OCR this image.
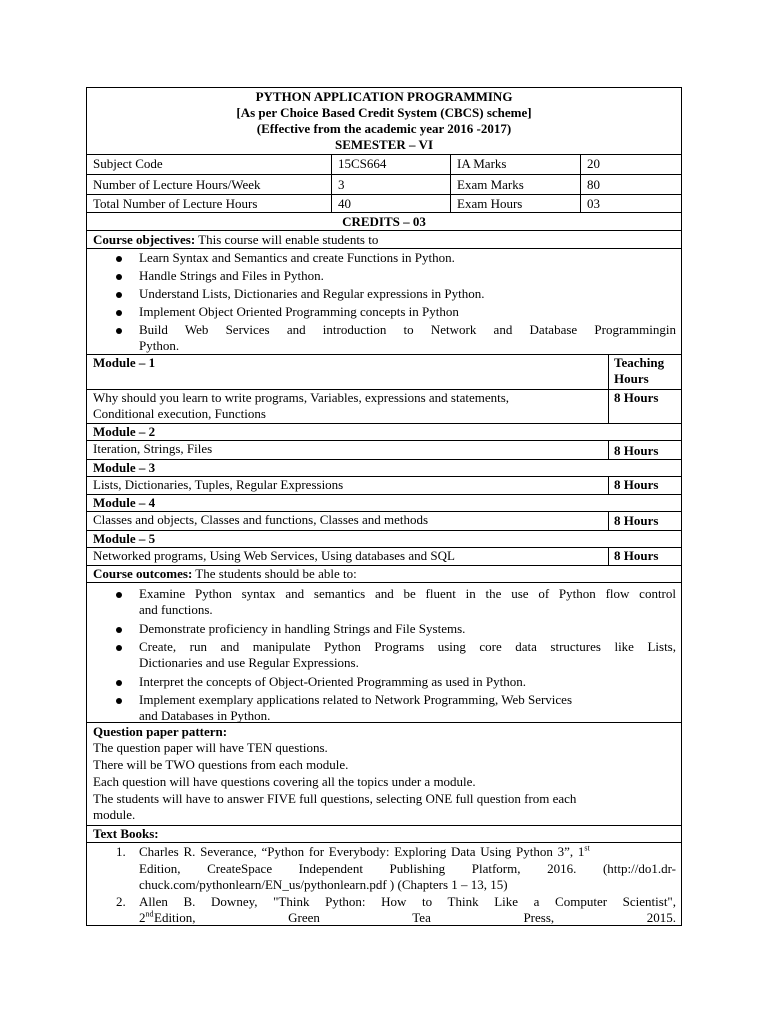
PYTHON APPLICATION PROGRAMMING
[As per Choice Based Credit System (CBCS) scheme]
(Effective from the academic year 2016 -2017)
SEMESTER – VI
Subject Code	15CS664	IA Marks	20
Number of Lecture Hours/Week	3	Exam Marks	80
Total Number of Lecture Hours	40	Exam Hours	03
CREDITS – 03
Course objectives: This course will enable students to
Learn Syntax and Semantics and create Functions in Python.
Handle Strings and Files in Python.
Understand Lists, Dictionaries and Regular expressions in Python.
Implement Object Oriented Programming concepts in Python
Build Web Services and introduction to Network and Database Programmingin
Python.
Module – 1	Teaching
Hours
Why should you learn to write programs, Variables, expressions and statements,
Conditional execution, Functions
8 Hours
Module – 2
Iteration, Strings, Files	8 Hours
Module – 3
Lists, Dictionaries, Tuples, Regular Expressions	8 Hours
Module – 4
Classes and objects, Classes and functions, Classes and methods	8 Hours
Module – 5
Networked programs, Using Web Services, Using databases and SQL	8 Hours
Course outcomes: The students should be able to:
Examine Python syntax and semantics and be fluent in the use of Python flow control
and functions.
Demonstrate proficiency in handling Strings and File Systems.
Create, run and manipulate Python Programs using core data structures like Lists,
Dictionaries and use Regular Expressions.
Interpret the concepts of Object-Oriented Programming as used in Python.
Implement exemplary applications related to Network Programming, Web Services
and Databases in Python.
Question paper pattern:
The question paper will have TEN questions.
There will be TWO questions from each module.
Each question will have questions covering all the topics under a module.
The students will have to answer FIVE full questions, selecting ONE full question from each
module.
Text Books:
1. Charles R. Severance, “Python for Everybody: Exploring Data Using Python 3”, 1st
Edition, CreateSpace Independent Publishing Platform, 2016. (http://do1.dr-
chuck.com/pythonlearn/EN_us/pythonlearn.pdf ) (Chapters 1 – 13, 15)
2. Allen B. Downey, "Think Python: How to Think Like a Computer Scientist",
2nd Edition, Green Tea Press, 2015.
